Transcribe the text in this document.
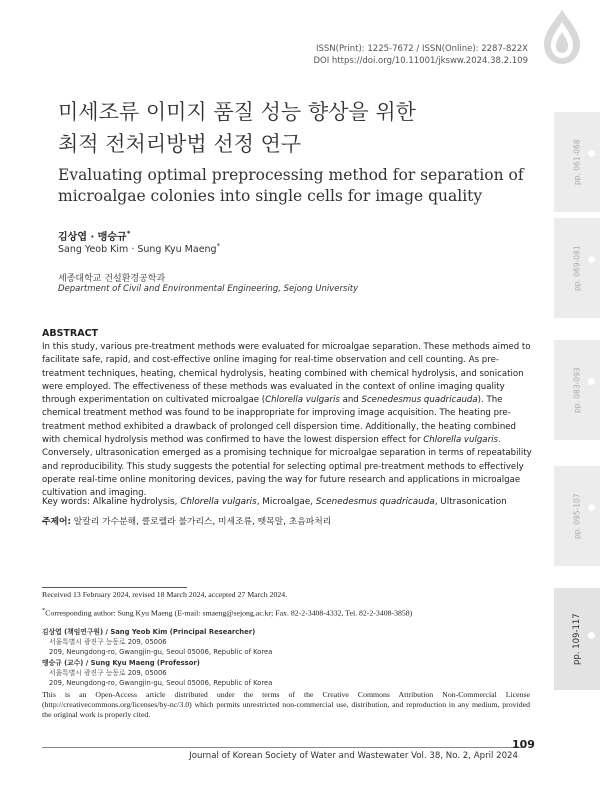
ISSN(Print): 1225-7672 / ISSN(Online): 2287-822X
DOI https://doi.org/10.11001/jksww.2024.38.2.109
pp. 061-068
pp. 069-081
pp. 083-093
pp. 095-107
pp. 109-117
미세조류 이미지 품질 성능 향상을 위한
최적 전처리방법 선정 연구
Evaluating optimal preprocessing method for separation of
microalgae colonies into single cells for image quality
김상엽 · 맹승규*
Sang Yeob Kim · Sung Kyu Maeng*
세종대학교 건설환경공학과
Department of Civil and Environmental Engineering, Sejong University
ABSTRACT
In this study, various pre-treatment methods were evaluated for microalgae separation. These methods aimed to facilitate safe, rapid, and cost-effective online imaging for real-time observation and cell counting. As pre-treatment techniques, heating, chemical hydrolysis, heating combined with chemical hydrolysis, and sonication were employed. The effectiveness of these methods was evaluated in the context of online imaging quality through experimentation on cultivated microalgae (Chlorella vulgaris and Scenedesmus quadricauda). The chemical treatment method was found to be inappropriate for improving image acquisition. The heating pre-treatment method exhibited a drawback of prolonged cell dispersion time. Additionally, the heating combined with chemical hydrolysis method was confirmed to have the lowest dispersion effect for Chlorella vulgaris. Conversely, ultrasonication emerged as a promising technique for microalgae separation in terms of repeatability and reproducibility. This study suggests the potential for selecting optimal pre-treatment methods to effectively operate real-time online monitoring devices, paving the way for future research and applications in microalgae cultivation and imaging.
Key words: Alkaline hydrolysis, Chlorella vulgaris, Microalgae, Scenedesmus quadricauda, Ultrasonication
주제어: 알칼리 가수분해, 클로렐라 불가리스, 미세조류, 뗏목말, 초음파처리
Received 13 February 2024, revised 18 March 2024, accepted 27 March 2024.
*Corresponding author: Sung Kyu Maeng (E-mail: smaeng@sejong.ac.kr; Fax. 82-2-3408-4332, Tel. 82-2-3408-3858)
김상엽 (책임연구원) / Sang Yeob Kim (Principal Researcher)
서울특별시 광진구 능동로 209, 05006
209, Neungdong-ro, Gwangjin-gu, Seoul 05006, Republic of Korea
맹승규 (교수) / Sung Kyu Maeng (Professor)
서울특별시 광진구 능동로 209, 05006
209, Neungdong-ro, Gwangjin-gu, Seoul 05006, Republic of Korea
This is an Open-Access article distributed under the terms of the Creative Commons Attribution Non-Commercial License (http://creativecommons.org/licenses/by-nc/3.0) which permits unrestricted non-commercial use, distribution, and reproduction in any medium, provided the original work is properly cited.
109
Journal of Korean Society of Water and Wastewater Vol. 38, No. 2, April 2024
